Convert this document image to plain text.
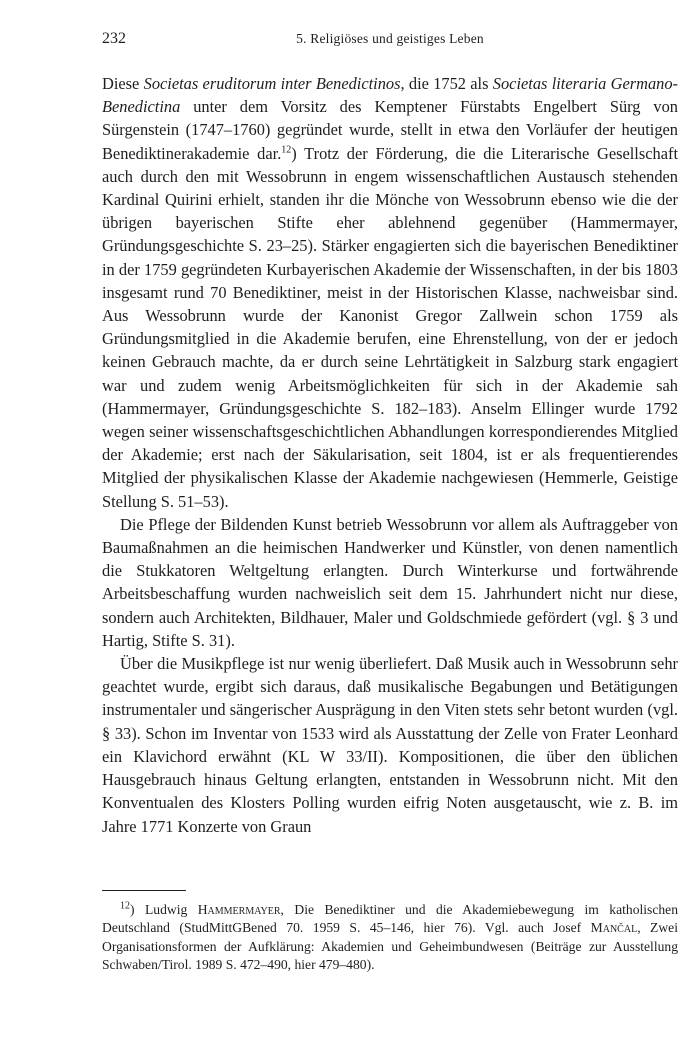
232	5. Religiöses und geistiges Leben

Diese Societas eruditorum inter Benedictinos, die 1752 als Societas literaria Germano-Benedictina unter dem Vorsitz des Kemptener Fürstabts Engelbert Sürg von Sürgenstein (1747–1760) gegründet wurde, stellt in etwa den Vorläufer der heutigen Benediktinerakademie dar.$^{12}$) Trotz der Förderung, die die Literarische Gesellschaft auch durch den mit Wessobrunn in engem wissenschaftlichen Austausch stehenden Kardinal Quirini erhielt, standen ihr die Mönche von Wessobrunn ebenso wie die der übrigen bayerischen Stifte eher ablehnend gegenüber (Hammermayer, Gründungsgeschichte S. 23–25). Stärker engagierten sich die bayerischen Benediktiner in der 1759 gegründeten Kurbayerischen Akademie der Wissenschaften, in der bis 1803 insgesamt rund 70 Benediktiner, meist in der Historischen Klasse, nachweisbar sind. Aus Wessobrunn wurde der Kanonist Gregor Zallwein schon 1759 als Gründungsmitglied in die Akademie berufen, eine Ehrenstellung, von der er jedoch keinen Gebrauch machte, da er durch seine Lehrtätigkeit in Salzburg stark engagiert war und zudem wenig Arbeitsmöglichkeiten für sich in der Akademie sah (Hammermayer, Gründungsgeschichte S. 182–183). Anselm Ellinger wurde 1792 wegen seiner wissenschaftsgeschichtlichen Abhandlungen korrespondierendes Mitglied der Akademie; erst nach der Säkularisation, seit 1804, ist er als frequentierendes Mitglied der physikalischen Klasse der Akademie nachgewiesen (Hemmerle, Geistige Stellung S. 51–53).

Die Pflege der Bildenden Kunst betrieb Wessobrunn vor allem als Auftraggeber von Baumaßnahmen an die heimischen Handwerker und Künstler, von denen namentlich die Stukkatoren Weltgeltung erlangten. Durch Winterkurse und fortwährende Arbeitsbeschaffung wurden nachweislich seit dem 15. Jahrhundert nicht nur diese, sondern auch Architekten, Bildhauer, Maler und Goldschmiede gefördert (vgl. § 3 und Hartig, Stifte S. 31).

Über die Musikpflege ist nur wenig überliefert. Daß Musik auch in Wessobrunn sehr geachtet wurde, ergibt sich daraus, daß musikalische Begabungen und Betätigungen instrumentaler und sängerischer Ausprägung in den Viten stets sehr betont wurden (vgl. § 33). Schon im Inventar von 1533 wird als Ausstattung der Zelle von Frater Leonhard ein Klavichord erwähnt (KL W 33/II). Kompositionen, die über den üblichen Hausgebrauch hinaus Geltung erlangten, entstanden in Wessobrunn nicht. Mit den Konventualen des Klosters Polling wurden eifrig Noten ausgetauscht, wie z. B. im Jahre 1771 Konzerte von Graun

$^{12}$) Ludwig Hammermayer, Die Benediktiner und die Akademiebewegung im katholischen Deutschland (StudMittGBened 70. 1959 S. 45–146, hier 76). Vgl. auch Josef Mančal, Zwei Organisationsformen der Aufklärung: Akademien und Geheimbundwesen (Beiträge zur Ausstellung Schwaben/Tirol. 1989 S. 472–490, hier 479–480).
